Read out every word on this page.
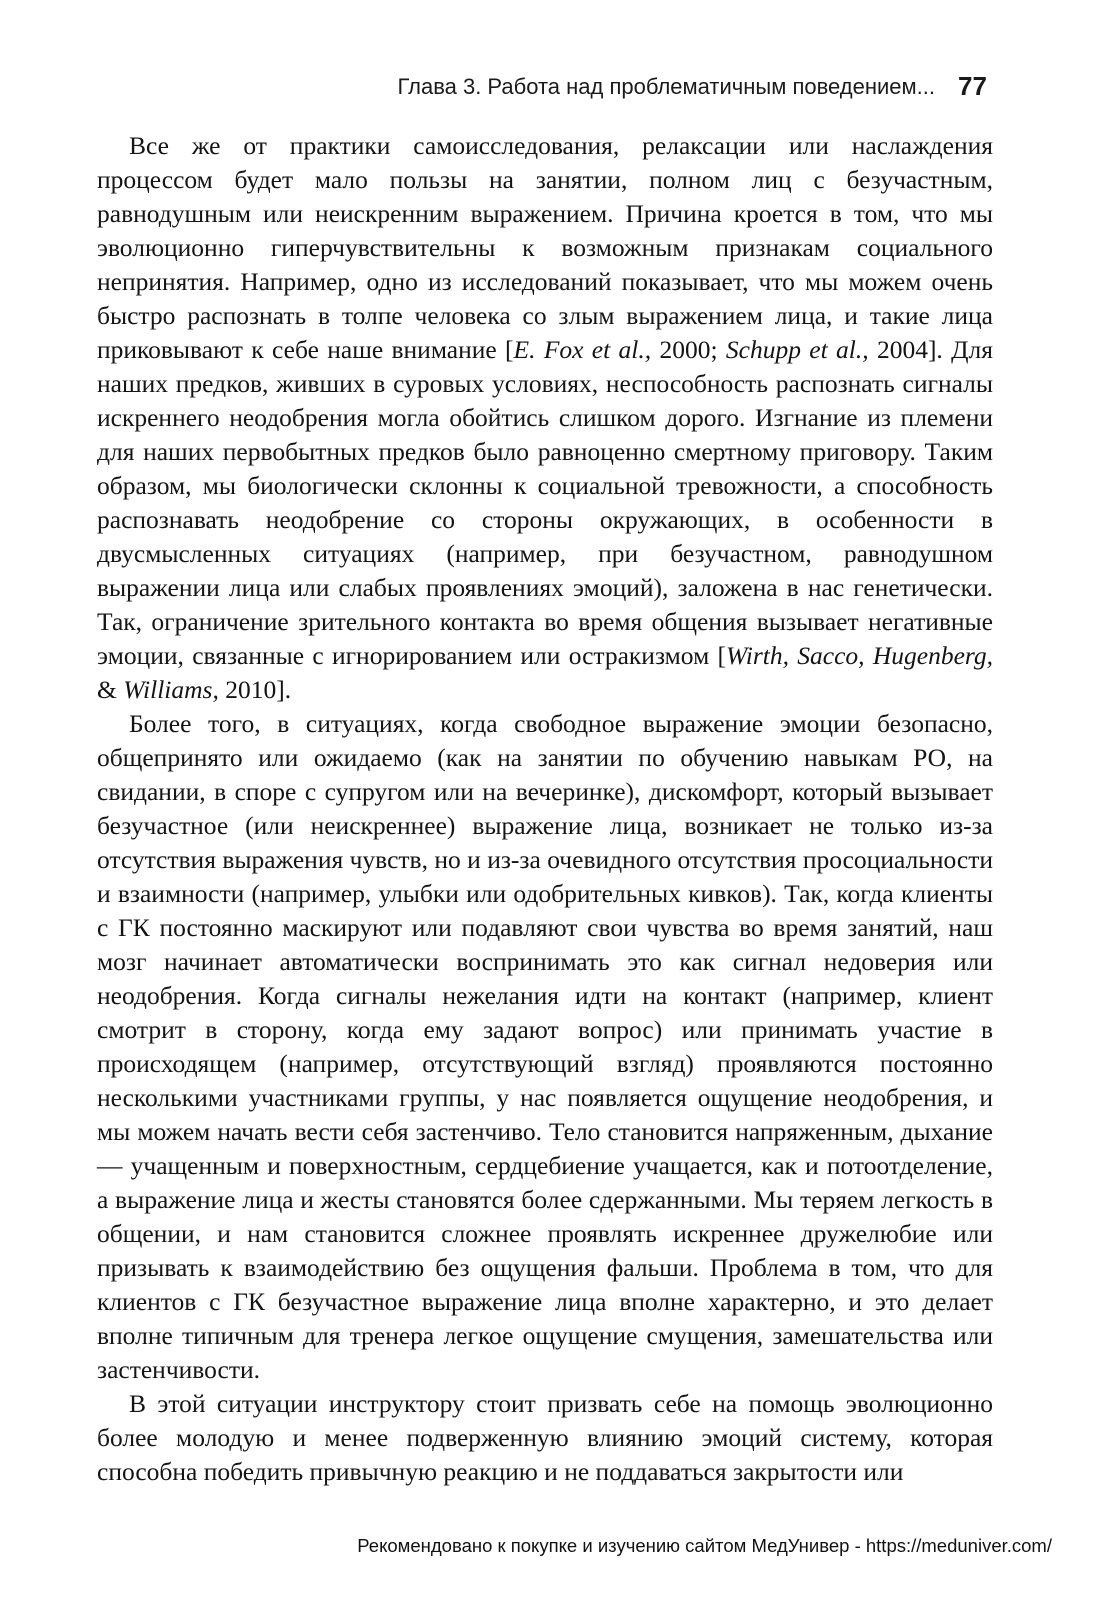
Глава 3. Работа над проблематичным поведением... 77

Все же от практики самоисследования, релаксации или наслаждения процессом будет мало пользы на занятии, полном лиц с безучастным, равнодушным или неискренним выражением. Причина кроется в том, что мы эволюционно гиперчувствительны к возможным признакам социального непринятия. Например, одно из исследований показывает, что мы можем очень быстро распознать в толпе человека со злым выражением лица, и такие лица приковывают к себе наше внимание [E. Fox et al., 2000; Schupp et al., 2004]. Для наших предков, живших в суровых условиях, неспособность распознать сигналы искреннего неодобрения могла обойтись слишком дорого. Изгнание из племени для наших первобытных предков было равноценно смертному приговору. Таким образом, мы биологически склонны к социальной тревожности, а способность распознавать неодобрение со стороны окружающих, в особенности в двусмысленных ситуациях (например, при безучастном, равнодушном выражении лица или слабых проявлениях эмоций), заложена в нас генетически. Так, ограничение зрительного контакта во время общения вызывает негативные эмоции, связанные с игнорированием или остракизмом [Wirth, Sacco, Hugenberg, & Williams, 2010].

Более того, в ситуациях, когда свободное выражение эмоции безопасно, общепринято или ожидаемо (как на занятии по обучению навыкам РО, на свидании, в споре с супругом или на вечеринке), дискомфорт, который вызывает безучастное (или неискреннее) выражение лица, возникает не только из-за отсутствия выражения чувств, но и из-за очевидного отсутствия просоциальности и взаимности (например, улыбки или одобрительных кивков). Так, когда клиенты с ГК постоянно маскируют или подавляют свои чувства во время занятий, наш мозг начинает автоматически воспринимать это как сигнал недоверия или неодобрения. Когда сигналы нежелания идти на контакт (например, клиент смотрит в сторону, когда ему задают вопрос) или принимать участие в происходящем (например, отсутствующий взгляд) проявляются постоянно несколькими участниками группы, у нас появляется ощущение неодобрения, и мы можем начать вести себя застенчиво. Тело становится напряженным, дыхание — учащенным и поверхностным, сердцебиение учащается, как и потоотделение, а выражение лица и жесты становятся более сдержанными. Мы теряем легкость в общении, и нам становится сложнее проявлять искреннее дружелюбие или призывать к взаимодействию без ощущения фальши. Проблема в том, что для клиентов с ГК безучастное выражение лица вполне характерно, и это делает вполне типичным для тренера легкое ощущение смущения, замешательства или застенчивости.

В этой ситуации инструктору стоит призвать себе на помощь эволюционно более молодую и менее подверженную влиянию эмоций систему, которая способна победить привычную реакцию и не поддаваться закрытости или

Рекомендовано к покупке и изучению сайтом МедУнивер - https://meduniver.com/
